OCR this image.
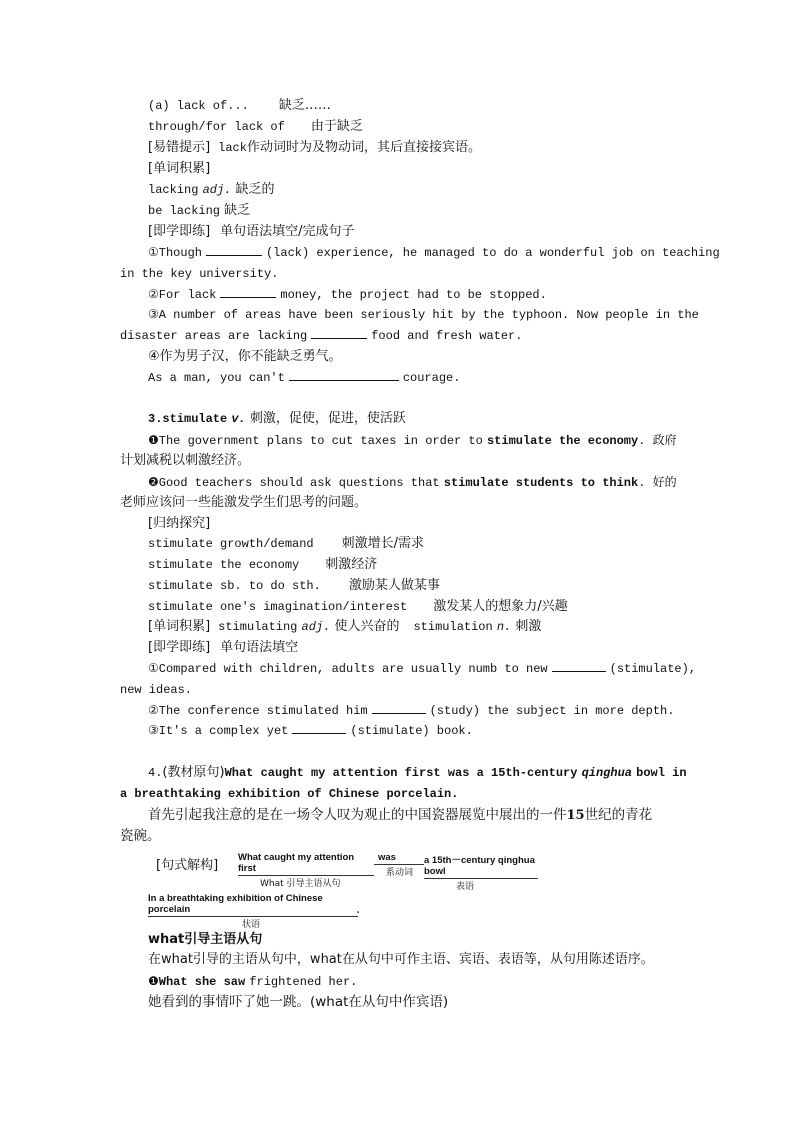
(a) lack of... 缺乏……
through/for lack of 由于缺乏
[易错提示] lack作动词时为及物动词，其后直接接宾语。
[单词积累]
lacking adj. 缺乏的
be lacking 缺乏
[即学即练] 单句语法填空/完成句子
①Though	(lack) experience, he managed to do a wonderful job on teaching
in the key university.
②For lack	money, the project had to be stopped.
③A number of areas have been seriously hit by the typhoon. Now people in the
disaster areas are lacking	food and fresh water.
④作为男子汉，你不能缺乏勇气。
As a man, you can't	courage.
3.stimulate v. 刺激，促使，促进，使活跃
❶The government plans to cut taxes in order to stimulate the economy. 政府
计划减税以刺激经济。
❷Good teachers should ask questions that stimulate students to think. 好的
老师应该问一些能激发学生们思考的问题。
[归纳探究]
stimulate growth/demand 刺激增长/需求
stimulate the economy 刺激经济
stimulate sb. to do sth. 激励某人做某事
stimulate one's imagination/interest 激发某人的想象力/兴趣
[单词积累] stimulating adj. 使人兴奋的 stimulation n. 刺激
[即学即练] 单句语法填空
①Compared with children, adults are usually numb to new	(stimulate),
new ideas.
②The conference stimulated him	(study) the subject in more depth.
③It's a complex yet	(stimulate) book.
4.(教材原句)What caught my attention first was a 15th-century qinghua bowl in
a breathtaking exhibition of Chinese porcelain.
首先引起我注意的是在一场令人叹为观止的中国瓷器展览中展出的一件15世纪的青花
瓷碗。
[句式解构]
What caught my attention first
What 引导主语从句
was
系动词
a 15th－century qinghua bowl
表语
In a breathtaking exhibition of Chinese porcelain
状语
.
what引导主语从句
在what引导的主语从句中，what在从句中可作主语、宾语、表语等，从句用陈述语序。
❶What she saw frightened her.
她看到的事情吓了她一跳。(what在从句中作宾语)
